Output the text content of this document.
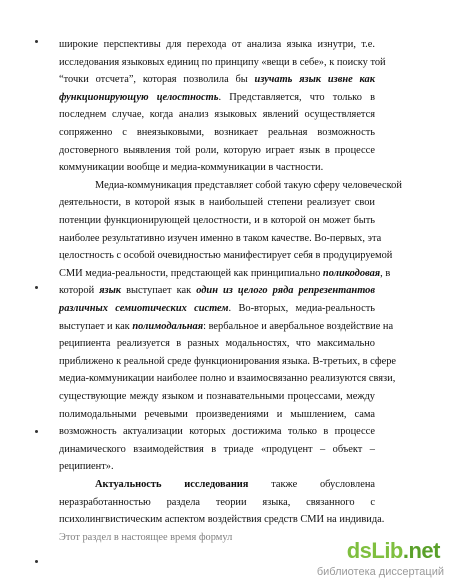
широкие перспективы для перехода от анализа языка изнутри, т.е.
исследования языковых единиц по принципу «вещи в себе», к поиску той
“точки отсчета”, которая позволила бы изучать язык извне как
функционирующую целостность. Представляется, что только в
последнем случае, когда анализ языковых явлений осуществляется
сопряженно с внеязыковыми, возникает реальная возможность
достоверного выявления той роли, которую играет язык в процессе
коммуникации вообще и медиа-коммуникации в частности.
Медиа-коммуникация представляет собой такую сферу человеческой
деятельности, в которой язык в наибольшей степени реализует свои
потенции функционирующей целостности, и в которой он может быть
наиболее результативно изучен именно в таком качестве. Во-первых, эта
целостность с особой очевидностью манифестирует себя в продуцируемой
СМИ медиа-реальности, предстающей как принципиально поликодовая, в
которой язык выступает как один из целого ряда репрезентантов
различных семиотических систем. Во-вторых, медиа-реальность
выступает и как полимодальная: вербальное и авербальное воздействие на
реципиента реализуется в разных модальностях, что максимально
приближено к реальной среде функционирования языка. В-третьих, в сфере
медиа-коммуникации наиболее полно и взаимосвязанно реализуются связи,
существующие между языком и познавательными процессами, между
полимодальными речевыми произведениями и мышлением, сама
возможность актуализации которых достижима только в процессе
динамического взаимодействия в триаде «продуцент – объект –
реципиент».
Актуальность исследования также обусловлена
неразработанностью раздела теории языка, связанного с
психолингвистическим аспектом воздействия средств СМИ на индивида.
Этот раздел в настоящее время формул
dsLib.net
библиотека диссертаций
